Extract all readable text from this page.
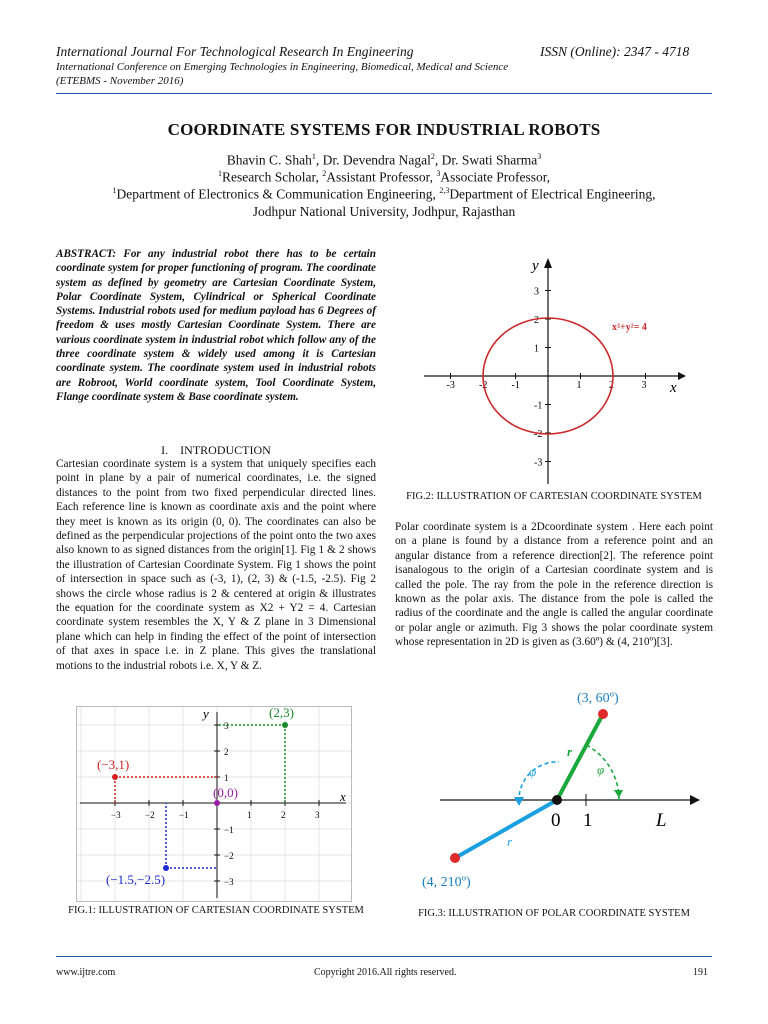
International Journal For Technological Research In Engineering	ISSN (Online): 2347 - 4718
International Conference on Emerging Technologies in Engineering, Biomedical, Medical and Science
(ETEBMS - November 2016)
COORDINATE SYSTEMS FOR INDUSTRIAL ROBOTS
Bhavin C. Shah$^1$, Dr. Devendra Nagal$^2$, Dr. Swati Sharma$^3$
$^1$Research Scholar, $^2$Assistant Professor, $^3$Associate Professor,
$^1$Department of Electronics & Communication Engineering, $^{2,3}$Department of Electrical Engineering,
Jodhpur National University, Jodhpur, Rajasthan
ABSTRACT: For any industrial robot there has to be certain coordinate system for proper functioning of program. The coordinate system as defined by geometry are Cartesian Coordinate System, Polar Coordinate System, Cylindrical or Spherical Coordinate Systems. Industrial robots used for medium payload has 6 Degrees of freedom & uses mostly Cartesian Coordinate System. There are various coordinate system in industrial robot which follow any of the three coordinate system & widely used among it is Cartesian coordinate system. The coordinate system used in industrial robots are Robroot, World coordinate system, Tool Coordinate System, Flange coordinate system & Base coordinate system.
I.    INTRODUCTION
Cartesian coordinate system is a system that uniquely specifies each point in plane by a pair of numerical coordinates, i.e. the signed distances to the point from two fixed perpendicular directed lines. Each reference line is known as coordinate axis and the point where they meet is known as its origin (0, 0). The coordinates can also be defined as the perpendicular projections of the point onto the two axes also known to as signed distances from the origin[1]. Fig 1 & 2 shows the illustration of Cartesian Coordinate System. Fig 1 shows the point of intersection in space such as (-3, 1), (2, 3) & (-1.5, -2.5). Fig 2 shows the circle whose radius is 2 & centered at origin & illustrates the equation for the coordinate system as X2 + Y2 = 4. Cartesian coordinate system resembles the X, Y & Z plane in 3 Dimensional plane which can help in finding the effect of the point of intersection of that axes in space i.e. in Z plane. This gives the translational motions to the industrial robots i.e. X, Y & Z.
x
y
−3	−2	−1	1	2	3
3
2
1
−1
−2
−3
(2,3)
(−3,1)
(0,0)
(−1.5,−2.5)
FIG.1: ILLUSTRATION OF CARTESIAN COORDINATE SYSTEM
x
y
-3 -2 -1	1	2	3
3
2
1
-1
-2
-3
x²+y²= 4
FIG.2: ILLUSTRATION OF CARTESIAN COORDINATE SYSTEM
Polar coordinate system is a 2Dcoordinate system . Here each point on a plane is found by a distance from a reference point and an angular distance from a reference direction[2]. The reference point isanalogous to the origin of a Cartesian coordinate system and is called the pole. The ray from the pole in the reference direction is known as the polar axis. The distance from the pole is called the radius of the coordinate and the angle is called the angular coordinate or polar angle or azimuth. Fig 3 shows the polar coordinate system whose representation in 2D is given as (3.60º) & (4, 210º)[3].
(3, 60º)
(4, 210º)
0 1	L
r
r
φ
φ
FIG.3: ILLUSTRATION OF POLAR COORDINATE SYSTEM
www.ijtre.com	Copyright 2016.All rights reserved.	191
